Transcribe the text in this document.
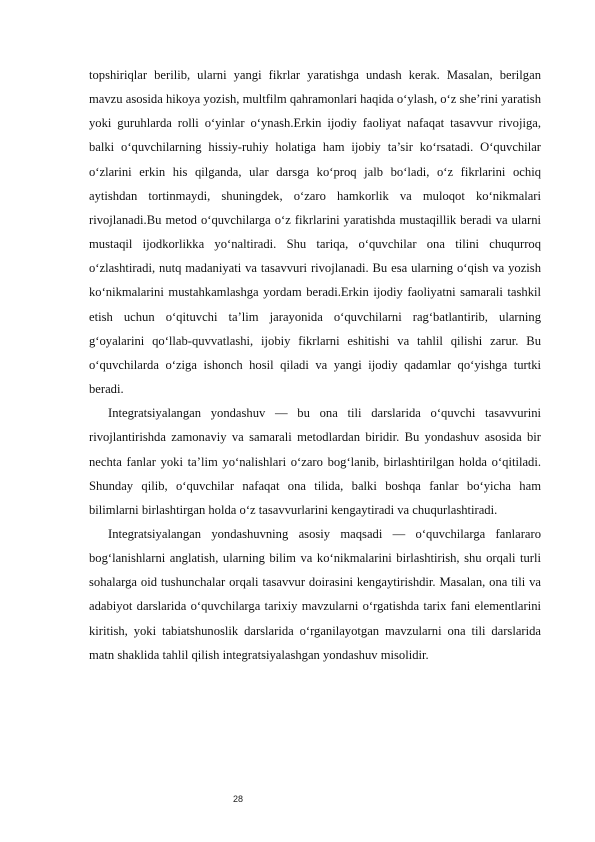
topshiriqlar berilib, ularni yangi fikrlar yaratishga undash kerak. Masalan, berilgan mavzu asosida hikoya yozish, multfilm qahramonlari haqida o‘ylash, o‘z she’rini yaratish yoki guruhlarda rolli o‘yinlar o‘ynash.Erkin ijodiy faoliyat nafaqat tasavvur rivojiga, balki o‘quvchilarning hissiy-ruhiy holatiga ham ijobiy ta’sir ko‘rsatadi. O‘quvchilar o‘zlarini erkin his qilganda, ular darsga ko‘proq jalb bo‘ladi, o‘z fikrlarini ochiq aytishdan tortinmaydi, shuningdek, o‘zaro hamkorlik va muloqot ko‘nikmalari rivojlanadi.Bu metod o‘quvchilarga o‘z fikrlarini yaratishda mustaqillik beradi va ularni mustaqil ijodkorlikka yo‘naltiradi. Shu tariqa, o‘quvchilar ona tilini chuqurroq o‘zlashtiradi, nutq madaniyati va tasavvuri rivojlanadi. Bu esa ularning o‘qish va yozish ko‘nikmalarini mustahkamlashga yordam beradi.Erkin ijodiy faoliyatni samarali tashkil etish uchun o‘qituvchi ta’lim jarayonida o‘quvchilarni rag‘batlantirib, ularning g‘oyalarini qo‘llab-quvvatlashi, ijobiy fikrlarni eshitishi va tahlil qilishi zarur. Bu o‘quvchilarda o‘ziga ishonch hosil qiladi va yangi ijodiy qadamlar qo‘yishga turtki beradi.

Integratsiyalangan yondashuv — bu ona tili darslarida o‘quvchi tasavvurini rivojlantirishda zamonaviy va samarali metodlardan biridir. Bu yondashuv asosida bir nechta fanlar yoki ta’lim yo‘nalishlari o‘zaro bog‘lanib, birlashtirilgan holda o‘qitiladi. Shunday qilib, o‘quvchilar nafaqat ona tilida, balki boshqa fanlar bo‘yicha ham bilimlarni birlashtirgan holda o‘z tasavvurlarini kengaytiradi va chuqurlashtiradi.

Integratsiyalangan yondashuvning asosiy maqsadi — o‘quvchilarga fanlararo bog‘lanishlarni anglatish, ularning bilim va ko‘nikmalarini birlashtirish, shu orqali turli sohalarga oid tushunchalar orqali tasavvur doirasini kengaytirishdir. Masalan, ona tili va adabiyot darslarida o‘quvchilarga tarixiy mavzularni o‘rgatishda tarix fani elementlarini kiritish, yoki tabiatshunoslik darslarida o‘rganilayotgan mavzularni ona tili darslarida matn shaklida tahlil qilish integratsiyalashgan yondashuv misolidir.

28
